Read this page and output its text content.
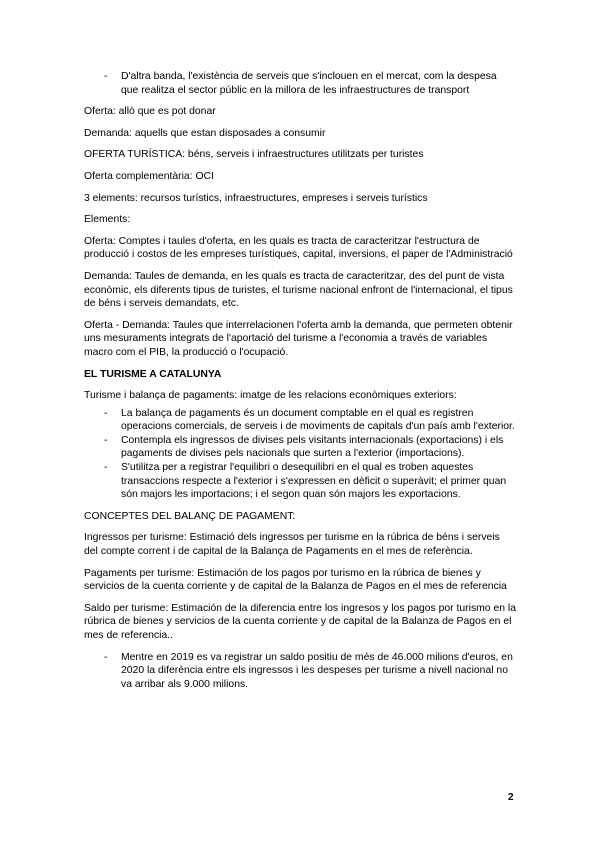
- D'altra banda, l'existència de serveis que s'inclouen en el mercat, com la despesa que realitza el sector públic en la millora de les infraestructures de transport

Oferta: allò que es pot donar

Demanda: aquells que estan disposades a consumir

OFERTA TURÍSTICA: béns, serveis i infraestructures utilitzats per turistes

Oferta complementària: OCI

3 elements: recursos turístics, infraestructures, empreses i serveis turístics

Elements:

Oferta: Comptes i taules d'oferta, en les quals es tracta de caracteritzar l'estructura de producció i costos de les empreses turístiques, capital, inversions, el paper de l'Administració

Demanda: Taules de demanda, en les quals es tracta de caracteritzar, des del punt de vista econòmic, els diferents tipus de turistes, el turisme nacional enfront de l'internacional, el tipus de béns i serveis demandats, etc.

Oferta - Demanda: Taules que interrelacionen l'oferta amb la demanda, que permeten obtenir uns mesuraments integrats de l'aportació del turisme a l'economia a través de variables macro com el PIB, la producció o l'ocupació.

EL TURISME A CATALUNYA

Turisme i balança de pagaments: imatge de les relacions econòmiques exteriors:

- La balança de pagaments és un document comptable en el qual es registren operacions comercials, de serveis i de moviments de capitals d'un país amb l'exterior.
- Contempla els ingressos de divises pels visitants internacionals (exportacions) i els pagaments de divises pels nacionals que surten a l'exterior (importacions).
- S'utilitza per a registrar l'equilibri o desequilibri en el qual es troben aquestes transaccions respecte a l'exterior i s'expressen en dèficit o superàvit; el primer quan són majors les importacions; i el segon quan són majors les exportacions.

CONCEPTES DEL BALANÇ DE PAGAMENT:

Ingressos per turisme: Estimació dels ingressos per turisme en la rúbrica de béns i serveis del compte corrent i de capital de la Balança de Pagaments en el mes de referència.

Pagaments per turisme: Estimación de los pagos por turismo en la rúbrica de bienes y servicios de la cuenta corriente y de capital de la Balanza de Pagos en el mes de referencia

Saldo per turisme: Estimación de la diferencia entre los ingresos y los pagos por turismo en la rúbrica de bienes y servicios de la cuenta corriente y de capital de la Balanza de Pagos en el mes de referencia..

- Mentre en 2019 es va registrar un saldo positiu de més de 46.000 milions d'euros, en 2020 la diferència entre els ingressos i les despeses per turisme a nivell nacional no va arribar als 9.000 milions.
2
